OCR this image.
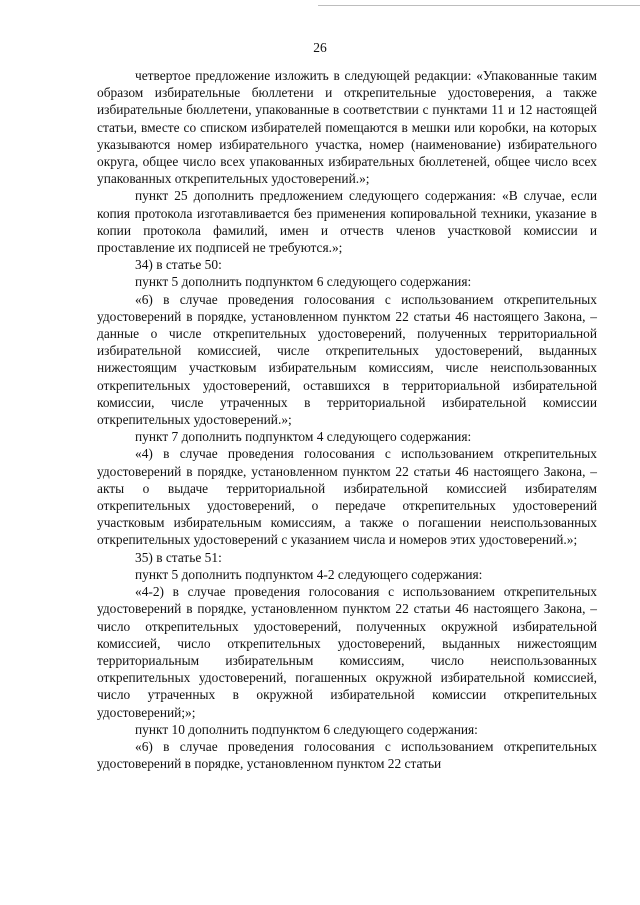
26

четвертое предложение изложить в следующей редакции: «Упакованные таким образом избирательные бюллетени и открепительные удостоверения, а также избирательные бюллетени, упакованные в соответствии с пунктами 11 и 12 настоящей статьи, вместе со списком избирателей помещаются в мешки или коробки, на которых указываются номер избирательного участка, номер (наименование) избирательного округа, общее число всех упакованных избирательных бюллетеней, общее число всех упакованных открепительных удостоверений.»;

пункт 25 дополнить предложением следующего содержания: «В случае, если копия протокола изготавливается без применения копировальной техники, указание в копии протокола фамилий, имен и отчеств членов участковой комиссии и проставление их подписей не требуются.»;

34) в статье 50:

пункт 5 дополнить подпунктом 6 следующего содержания:

«6) в случае проведения голосования с использованием открепительных удостоверений в порядке, установленном пунктом 22 статьи 46 настоящего Закона, – данные о числе открепительных удостоверений, полученных территориальной избирательной комиссией, числе открепительных удостоверений, выданных нижестоящим участковым избирательным комиссиям, числе неиспользованных открепительных удостоверений, оставшихся в территориальной избирательной комиссии, числе утраченных в территориальной избирательной комиссии открепительных удостоверений.»;

пункт 7 дополнить подпунктом 4 следующего содержания:

«4) в случае проведения голосования с использованием открепительных удостоверений в порядке, установленном пунктом 22 статьи 46 настоящего Закона, – акты о выдаче территориальной избирательной комиссией избирателям открепительных удостоверений, о передаче открепительных удостоверений участковым избирательным комиссиям, а также о погашении неиспользованных открепительных удостоверений с указанием числа и номеров этих удостоверений.»;

35) в статье 51:

пункт 5 дополнить подпунктом 4-2 следующего содержания:

«4-2) в случае проведения голосования с использованием открепительных удостоверений в порядке, установленном пунктом 22 статьи 46 настоящего Закона, – число открепительных удостоверений, полученных окружной избирательной комиссией, число открепительных удостоверений, выданных нижестоящим территориальным избирательным комиссиям, число неиспользованных открепительных удостоверений, погашенных окружной избирательной комиссией, число утраченных в окружной избирательной комиссии открепительных удостоверений;»;

пункт 10 дополнить подпунктом 6 следующего содержания:

«6) в случае проведения голосования с использованием открепительных удостоверений в порядке, установленном пунктом 22 статьи
